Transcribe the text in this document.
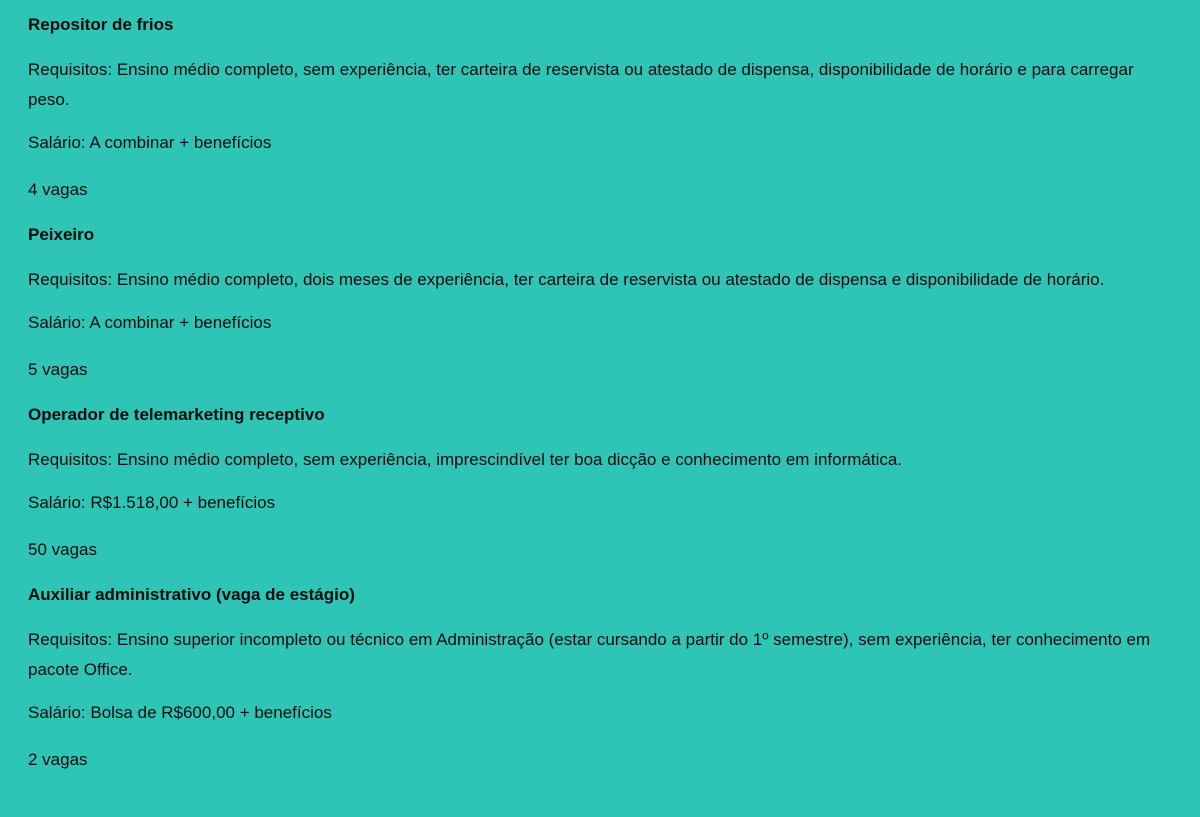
Repositor de frios

Requisitos: Ensino médio completo, sem experiência, ter carteira de reservista ou atestado de dispensa, disponibilidade de horário e para carregar peso.

Salário: A combinar + benefícios

4 vagas

Peixeiro

Requisitos: Ensino médio completo, dois meses de experiência, ter carteira de reservista ou atestado de dispensa e disponibilidade de horário.

Salário: A combinar + benefícios

5 vagas

Operador de telemarketing receptivo

Requisitos: Ensino médio completo, sem experiência, imprescindível ter boa dicção e conhecimento em informática.

Salário: R$1.518,00 + benefícios

50 vagas

Auxiliar administrativo (vaga de estágio)

Requisitos: Ensino superior incompleto ou técnico em Administração (estar cursando a partir do 1º semestre), sem experiência, ter conhecimento em pacote Office.

Salário: Bolsa de R$600,00 + benefícios

2 vagas
